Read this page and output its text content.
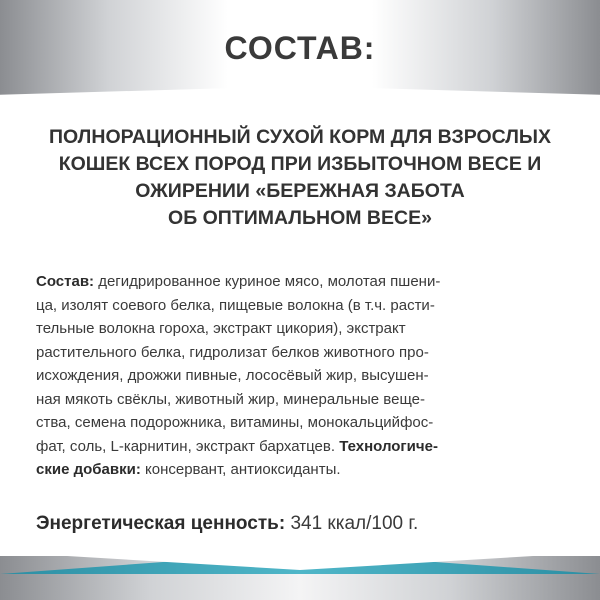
СОСТАВ:
ПОЛНОРАЦИОННЫЙ СУХОЙ КОРМ ДЛЯ ВЗРОСЛЫХ
КОШЕК ВСЕХ ПОРОД ПРИ ИЗБЫТОЧНОМ ВЕСЕ И
ОЖИРЕНИИ «БЕРЕЖНАЯ ЗАБОТА
ОБ ОПТИМАЛЬНОМ ВЕСЕ»
Состав: дегидрированное куриное мясо, молотая пшени-
ца, изолят соевого белка, пищевые волокна (в т.ч. расти-
тельные волокна гороха, экстракт цикория), экстракт
растительного белка, гидролизат белков животного про-
исхождения, дрожжи пивные, лососёвый жир, высушен-
ная мякоть свёклы, животный жир, минеральные веще-
ства, семена подорожника, витамины, монокальцийфос-
фат, соль, L-карнитин, экстракт бархатцев. Технологиче-
ские добавки: консервант, антиоксиданты.
Энергетическая ценность: 341 ккал/100 г.
